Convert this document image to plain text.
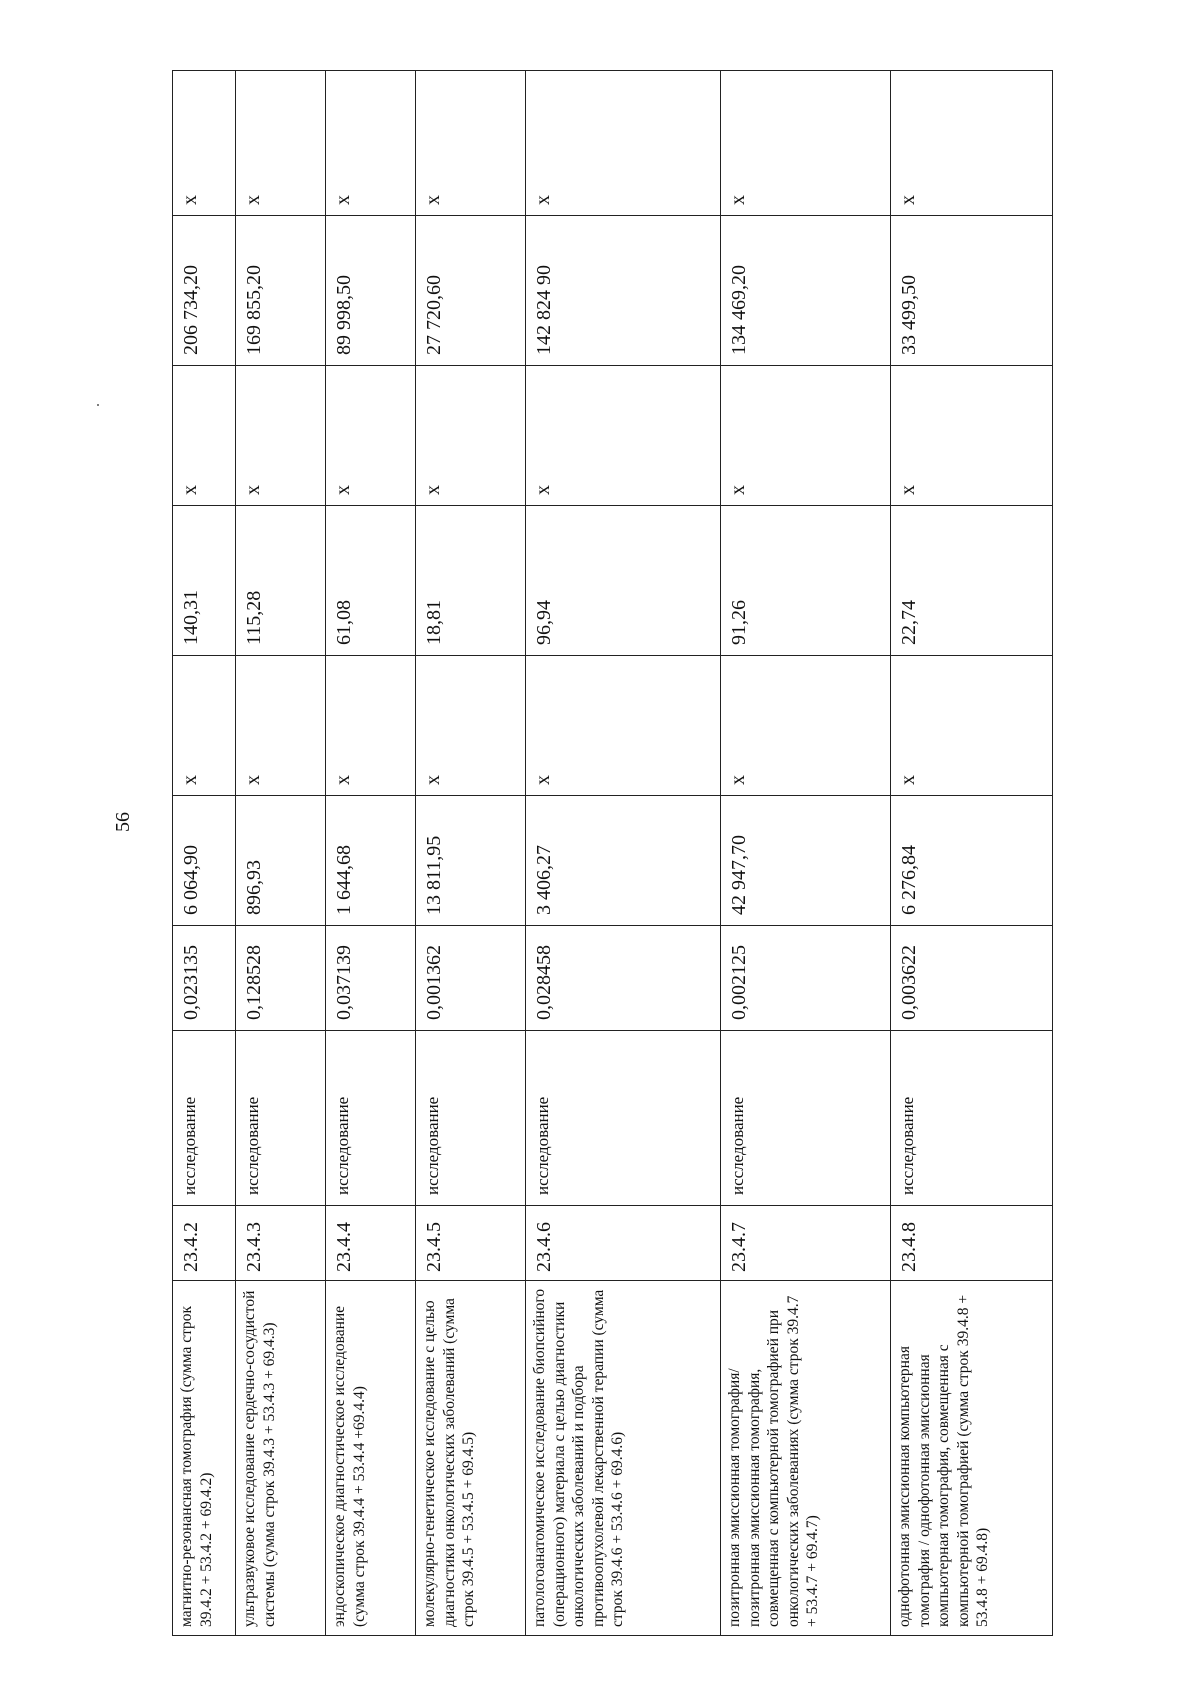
56
магнитно-резонансная томография (сумма строк 39.4.2 + 53.4.2 + 69.4.2)	23.4.2	исследование	0,023135	6 064,90	х	140,31	х	206 734,20	х
ультразвуковое исследование сердечно-сосудистой системы (сумма строк 39.4.3 + 53.4.3 + 69.4.3)	23.4.3	исследование	0,128528	896,93	х	115,28	х	169 855,20	х
эндоскопическое диагностическое исследование (сумма строк 39.4.4 + 53.4.4 +69.4.4)	23.4.4	исследование	0,037139	1 644,68	х	61,08	х	89 998,50	х
молекулярно-генетическое исследование с целью диагностики онкологических заболеваний (сумма строк 39.4.5 + 53.4.5 + 69.4.5)	23.4.5	исследование	0,001362	13 811,95	х	18,81	х	27 720,60	х
патологоанатомическое исследование биопсийного (операционного) материала с целью диагностики онкологических заболеваний и подбора противоопухолевой лекарственной терапии (сумма строк 39.4.6 + 53.4.6 + 69.4.6)	23.4.6	исследование	0,028458	3 406,27	х	96,94	х	142 824 90	х
позитронная эмиссионная томография/позитронная эмиссионная томография, совмещенная с компьютерной томографией при онкологических заболеваниях (сумма строк 39.4.7 + 53.4.7 + 69.4.7)	23.4.7	исследование	0,002125	42 947,70	х	91,26	х	134 469,20	х
однофотонная эмиссионная компьютерная томография / однофотонная эмиссионная компьютерная томография, совмещенная с компьютерной томографией (сумма строк 39.4.8 + 53.4.8 + 69.4.8)	23.4.8	исследование	0,003622	6 276,84	х	22,74	х	33 499,50	х
